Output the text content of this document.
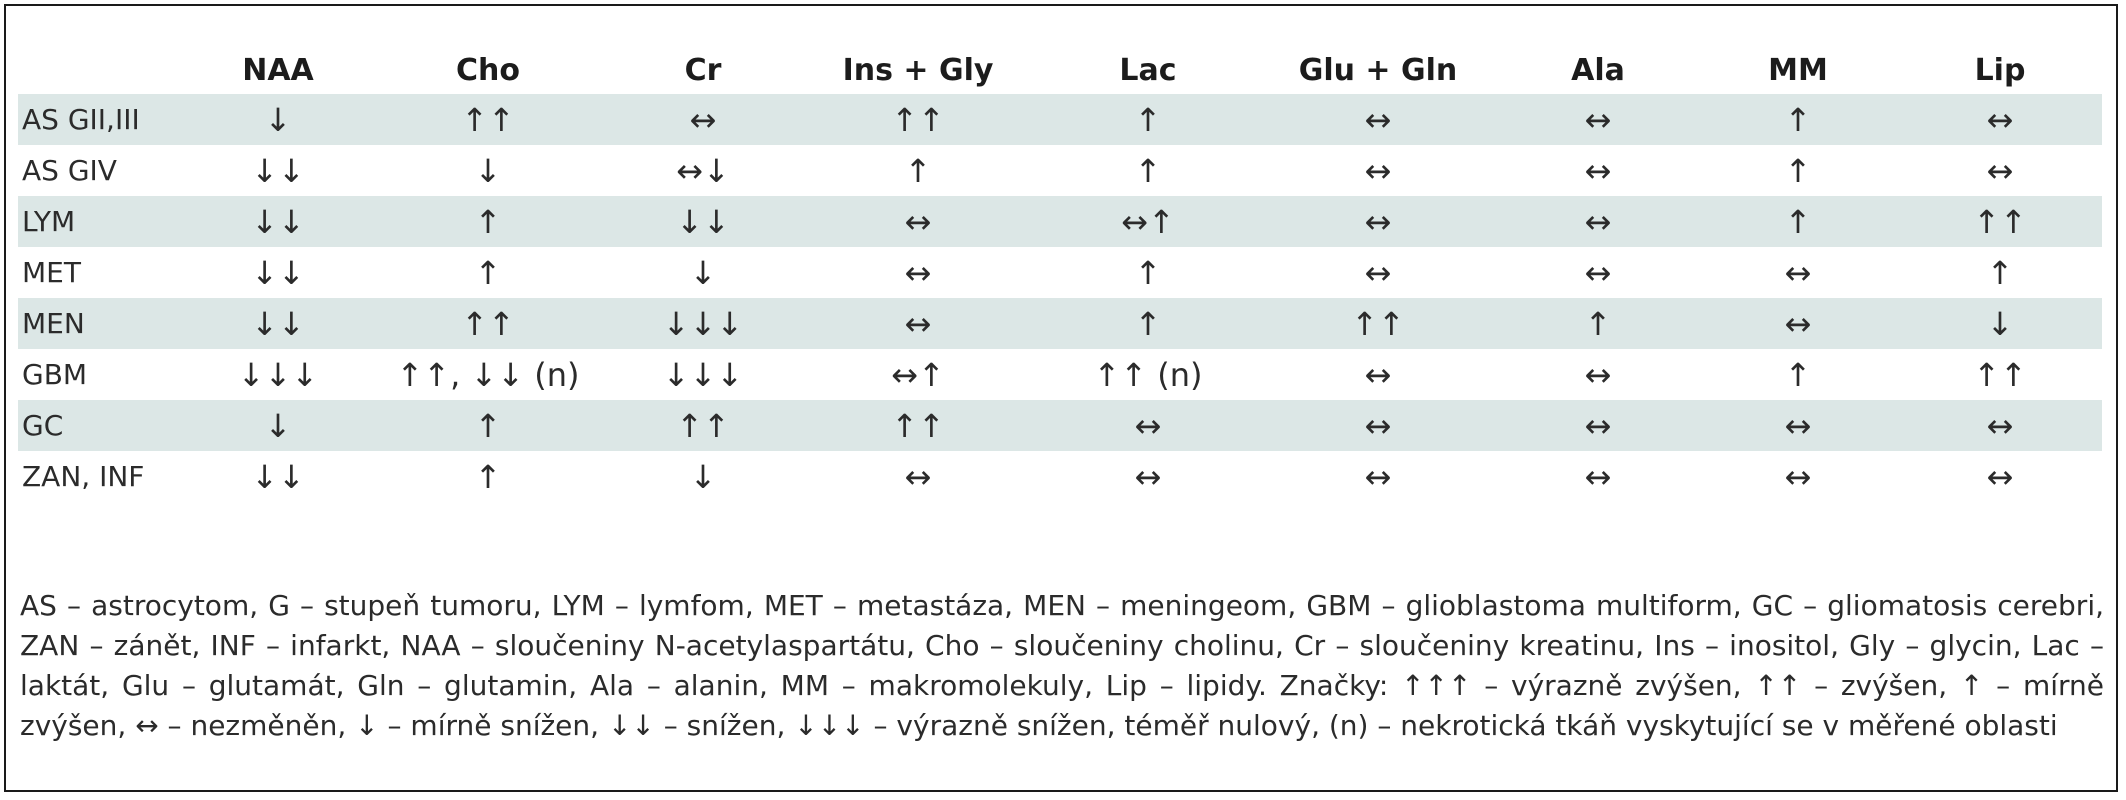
	NAA	Cho	Cr	Ins + Gly	Lac	Glu + Gln	Ala	MM	Lip
AS GII,III	↓	↑↑	↔	↑↑	↑	↔	↔	↑	↔
AS GIV	↓↓	↓	↔↓	↑	↑	↔	↔	↑	↔
LYM	↓↓	↑	↓↓	↔	↔↑	↔	↔	↑	↑↑
MET	↓↓	↑	↓	↔	↑	↔	↔	↔	↑
MEN	↓↓	↑↑	↓↓↓	↔	↑	↑↑	↑	↔	↓
GBM	↓↓↓	↑↑, ↓↓ (n)	↓↓↓	↔↑	↑↑ (n)	↔	↔	↑	↑↑
GC	↓	↑	↑↑	↑↑	↔	↔	↔	↔	↔
ZAN, INF	↓↓	↑	↓	↔	↔	↔	↔	↔	↔

AS – astrocytom, G – stupeň tumoru, LYM – lymfom, MET – metastáza, MEN – meningeom, GBM – glioblastoma multiform, GC – gliomatosis cerebri, ZAN – zánět, INF – infarkt, NAA – sloučeniny N-acetylaspartátu, Cho – sloučeniny cholinu, Cr – sloučeniny kreatinu, Ins – inositol, Gly – glycin, Lac – laktát, Glu – glutamát, Gln – glutamin, Ala – alanin, MM – makromolekuly, Lip – lipidy. Značky: ↑↑↑ – výrazně zvýšen, ↑↑ – zvýšen, ↑ – mírně zvýšen, ↔ – nezměněn, ↓ – mírně snížen, ↓↓ – snížen, ↓↓↓ – výrazně snížen, téměř nulový, (n) – nekrotická tkáň vyskytující se v měřené oblasti
